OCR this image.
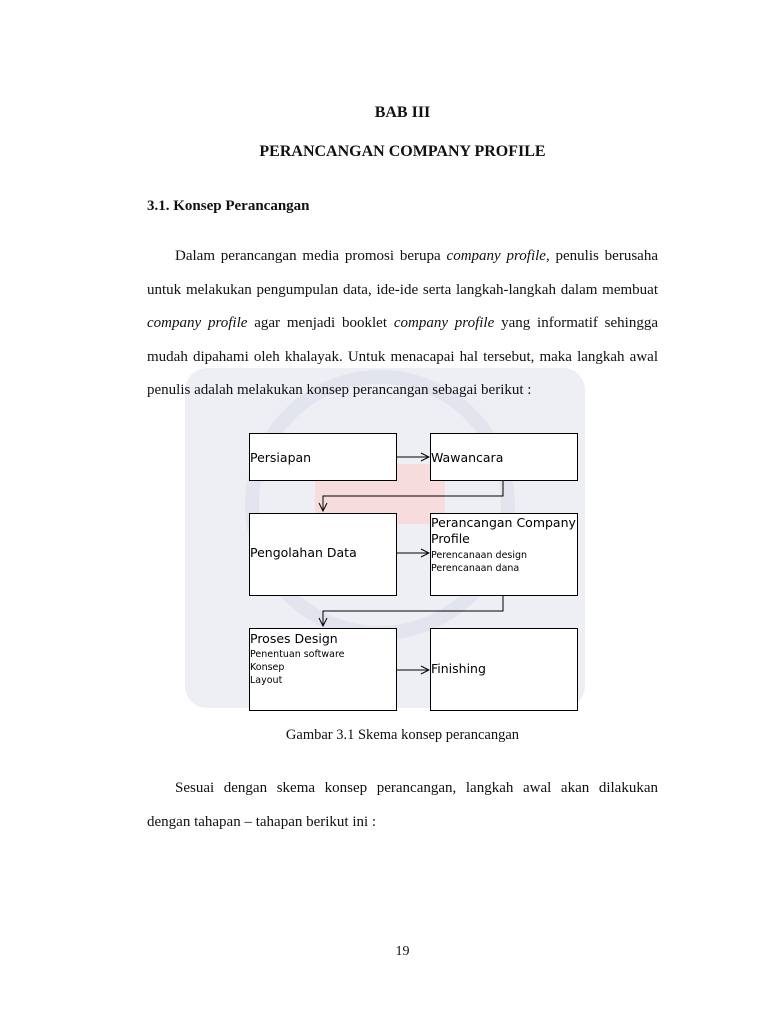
BAB III
PERANCANGAN COMPANY PROFILE
3.1. Konsep Perancangan

Dalam perancangan media promosi berupa company profile, penulis berusaha untuk melakukan pengumpulan data, ide-ide serta langkah-langkah dalam membuat company profile agar menjadi booklet company profile yang informatif sehingga mudah dipahami oleh khalayak. Untuk menacapai hal tersebut, maka langkah awal penulis adalah melakukan konsep perancangan sebagai berikut :

Persiapan	Wawancara
Pengolahan Data
Perancangan Company Profile
Perencanaan design
Perencanaan dana
Proses Design
Penentuan software
Konsep
Layout
Finishing
Gambar 3.1 Skema konsep perancangan

Sesuai dengan skema konsep perancangan, langkah awal akan dilakukan dengan tahapan – tahapan berikut ini :

19
